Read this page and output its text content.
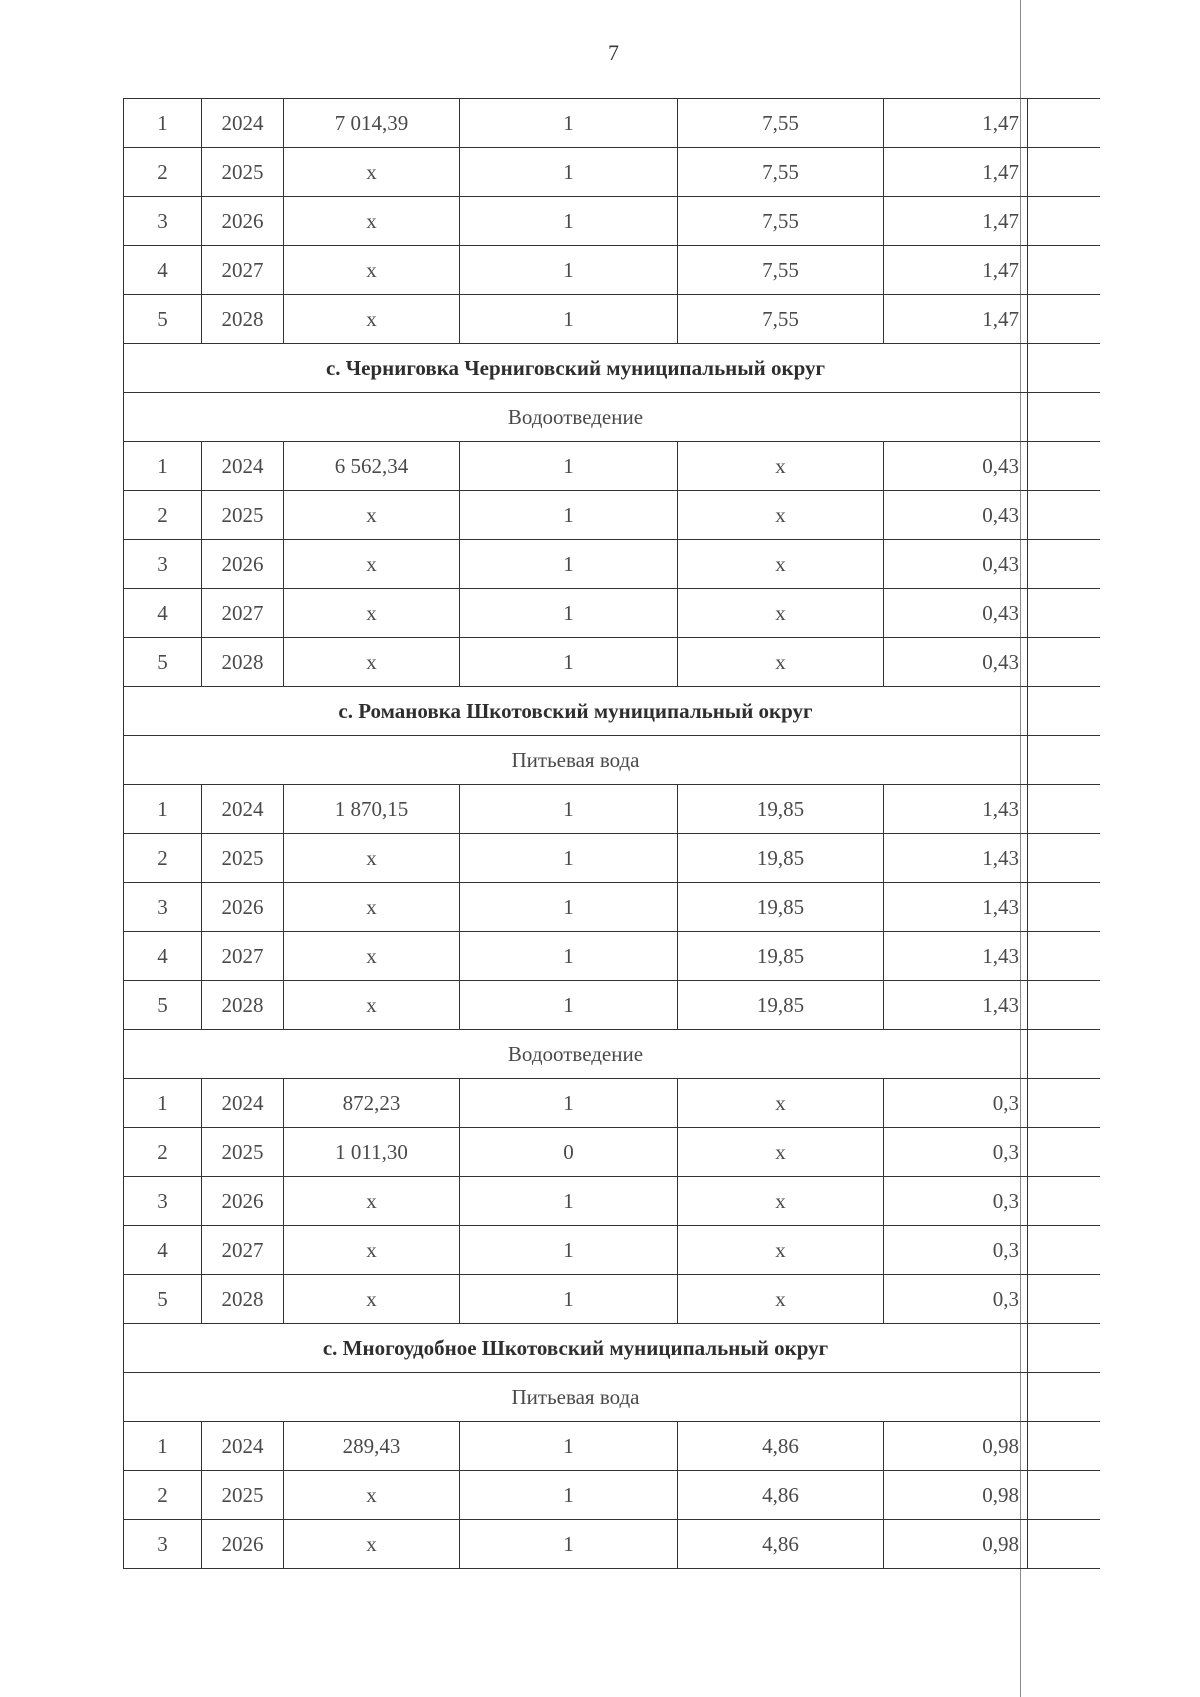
7
1	2024	7 014,39	1	7,55	1,47	
2	2025	x	1	7,55	1,47	
3	2026	x	1	7,55	1,47	
4	2027	x	1	7,55	1,47	
5	2028	x	1	7,55	1,47	
с. Черниговка Черниговский муниципальный округ						
Водоотведение						
1	2024	6 562,34	1	x	0,43	
2	2025	x	1	x	0,43	
3	2026	x	1	x	0,43	
4	2027	x	1	x	0,43	
5	2028	x	1	x	0,43	
с. Романовка Шкотовский муниципальный округ						
Питьевая вода						
1	2024	1 870,15	1	19,85	1,43	
2	2025	x	1	19,85	1,43	
3	2026	x	1	19,85	1,43	
4	2027	x	1	19,85	1,43	
5	2028	x	1	19,85	1,43	
Водоотведение						
1	2024	872,23	1	x	0,3	
2	2025	1 011,30	0	x	0,3	
3	2026	x	1	x	0,3	
4	2027	x	1	x	0,3	
5	2028	x	1	x	0,3	
с. Многоудобное Шкотовский муниципальный округ						
Питьевая вода						
1	2024	289,43	1	4,86	0,98	
2	2025	x	1	4,86	0,98	
3	2026	x	1	4,86	0,98	
